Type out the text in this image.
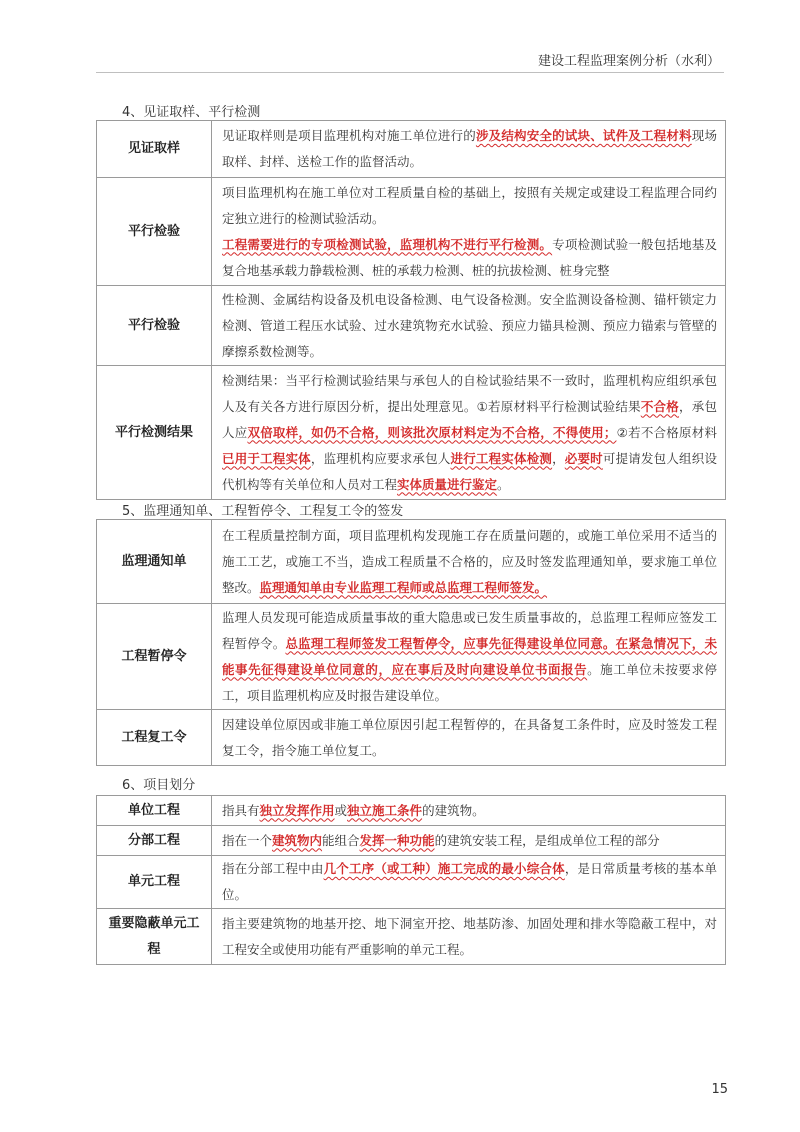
建设工程监理案例分析（水利）
4、见证取样、平行检测
见证取样	见证取样则是项目监理机构对施工单位进行的涉及结构安全的试块、试件及工程材料现场取样、封样、送检工作的监督活动。
平行检验	项目监理机构在施工单位对工程质量自检的基础上，按照有关规定或建设工程监理合同约定独立进行的检测试验活动。
工程需要进行的专项检测试验，监理机构不进行平行检测。专项检测试验一般包括地基及复合地基承载力静载检测、桩的承载力检测、桩的抗拔检测、桩身完整
平行检验	性检测、金属结构设备及机电设备检测、电气设备检测。安全监测设备检测、锚杆锁定力检测、管道工程压水试验、过水建筑物充水试验、预应力锚具检测、预应力锚索与管壁的摩擦系数检测等。
平行检测结果	检测结果：当平行检测试验结果与承包人的自检试验结果不一致时，监理机构应组织承包人及有关各方进行原因分析，提出处理意见。①若原材料平行检测试验结果不合格，承包人应双倍取样，如仍不合格，则该批次原材料定为不合格，不得使用；②若不合格原材料已用于工程实体，监理机构应要求承包人进行工程实体检测，必要时可提请发包人组织设代机构等有关单位和人员对工程实体质量进行鉴定。
5、监理通知单、工程暂停令、工程复工令的签发
监理通知单	在工程质量控制方面，项目监理机构发现施工存在质量问题的，或施工单位采用不适当的施工工艺，或施工不当，造成工程质量不合格的，应及时签发监理通知单，要求施工单位整改。监理通知单由专业监理工程师或总监理工程师签发。
工程暂停令	监理人员发现可能造成质量事故的重大隐患或已发生质量事故的，总监理工程师应签发工程暂停令。总监理工程师签发工程暂停令，应事先征得建设单位同意。在紧急情况下，未能事先征得建设单位同意的，应在事后及时向建设单位书面报告。施工单位未按要求停工，项目监理机构应及时报告建设单位。
工程复工令	因建设单位原因或非施工单位原因引起工程暂停的，在具备复工条件时，应及时签发工程复工令，指令施工单位复工。
6、项目划分
单位工程	指具有独立发挥作用或独立施工条件的建筑物。
分部工程	指在一个建筑物内能组合发挥一种功能的建筑安装工程，是组成单位工程的部分
单元工程	指在分部工程中由几个工序（或工种）施工完成的最小综合体，是日常质量考核的基本单位。
重要隐蔽单元工程	指主要建筑物的地基开挖、地下洞室开挖、地基防渗、加固处理和排水等隐蔽工程中，对工程安全或使用功能有严重影响的单元工程。
15
